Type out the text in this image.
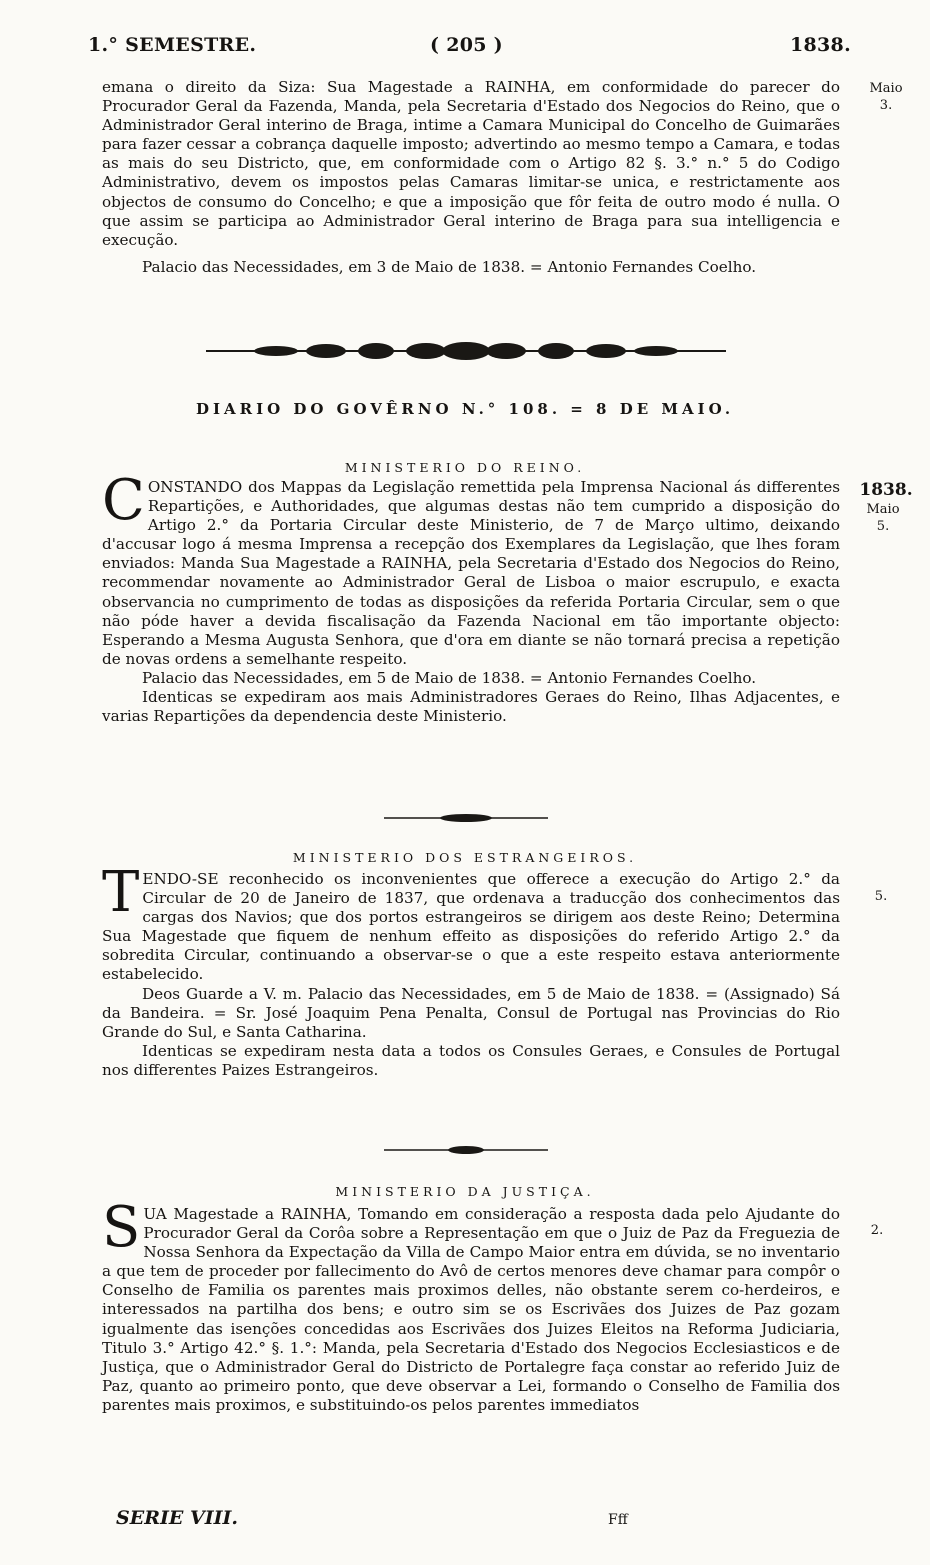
1.° SEMESTRE.	( 205 )	1838.
Maio
3.

emana o direito da Siza: Sua Magestade a RAINHA, em conformidade do parecer do Procurador Geral da Fazenda, Manda, pela Secretaria d'Estado dos Negocios do Reino, que o Administrador Geral interino de Braga, intime a Camara Municipal do Concelho de Guimarães para fazer cessar a cobrança daquelle imposto; advertindo ao mesmo tempo a Camara, e todas as mais do seu Districto, que, em conformidade com o Artigo 82 §. 3.° n.° 5 do Codigo Administrativo, devem os impostos pelas Camaras limitar-se unica, e restrictamente aos objectos de consumo do Concelho; e que a imposição que fôr feita de outro modo é nulla. O que assim se participa ao Administrador Geral interino de Braga para sua intelligencia e execução.

Palacio das Necessidades, em 3 de Maio de 1838. = Antonio Fernandes Coelho.

DIARIO DO GOVÊRNO N.° 108. = 8 DE MAIO.
MINISTERIO DO REINO.
1838.
Maio
5.

CONSTANDO dos Mappas da Legislação remettida pela Imprensa Nacional ás differentes Repartições, e Authoridades, que algumas destas não tem cumprido a disposição do Artigo 2.° da Portaria Circular deste Ministerio, de 7 de Março ultimo, deixando d'accusar logo á mesma Imprensa a recepção dos Exemplares da Legislação, que lhes foram enviados: Manda Sua Magestade a RAINHA, pela Secretaria d'Estado dos Negocios do Reino, recommendar novamente ao Administrador Geral de Lisboa o maior escrupulo, e exacta observancia no cumprimento de todas as disposições da referida Portaria Circular, sem o que não póde haver a devida fiscalisação da Fazenda Nacional em tão importante objecto: Esperando a Mesma Augusta Senhora, que d'ora em diante se não tornará precisa a repetição de novas ordens a semelhante respeito.

Palacio das Necessidades, em 5 de Maio de 1838. = Antonio Fernandes Coelho.

Identicas se expediram aos mais Administradores Geraes do Reino, Ilhas Adjacentes, e varias Repartições da dependencia deste Ministerio.

MINISTERIO DOS ESTRANGEIROS.
5.

TENDO-SE reconhecido os inconvenientes que offerece a execução do Artigo 2.° da Circular de 20 de Janeiro de 1837, que ordenava a traducção dos conhecimentos das cargas dos Navios; que dos portos estrangeiros se dirigem aos deste Reino; Determina Sua Magestade que fiquem de nenhum effeito as disposições do referido Artigo 2.° da sobredita Circular, continuando a observar-se o que a este respeito estava anteriormente estabelecido.

Deos Guarde a V. m. Palacio das Necessidades, em 5 de Maio de 1838. = (Assignado) Sá da Bandeira. = Sr. José Joaquim Pena Penalta, Consul de Portugal nas Provincias do Rio Grande do Sul, e Santa Catharina.

Identicas se expediram nesta data a todos os Consules Geraes, e Consules de Portugal nos differentes Paizes Estrangeiros.

MINISTERIO DA JUSTIÇA.
2.

SUA Magestade a RAINHA, Tomando em consideração a resposta dada pelo Ajudante do Procurador Geral da Corôa sobre a Representação em que o Juiz de Paz da Freguezia de Nossa Senhora da Expectação da Villa de Campo Maior entra em dúvida, se no inventario a que tem de proceder por fallecimento do Avô de certos menores deve chamar para compôr o Conselho de Familia os parentes mais proximos delles, não obstante serem co-herdeiros, e interessados na partilha dos bens; e outro sim se os Escrivães dos Juizes de Paz gozam igualmente das isenções concedidas aos Escrivães dos Juizes Eleitos na Reforma Judiciaria, Titulo 3.° Artigo 42.° §. 1.°: Manda, pela Secretaria d'Estado dos Negocios Ecclesiasticos e de Justiça, que o Administrador Geral do Districto de Portalegre faça constar ao referido Juiz de Paz, quanto ao primeiro ponto, que deve observar a Lei, formando o Conselho de Familia dos parentes mais proximos, e substituindo-os pelos parentes immediatos

SERIE VIII.	Fff
